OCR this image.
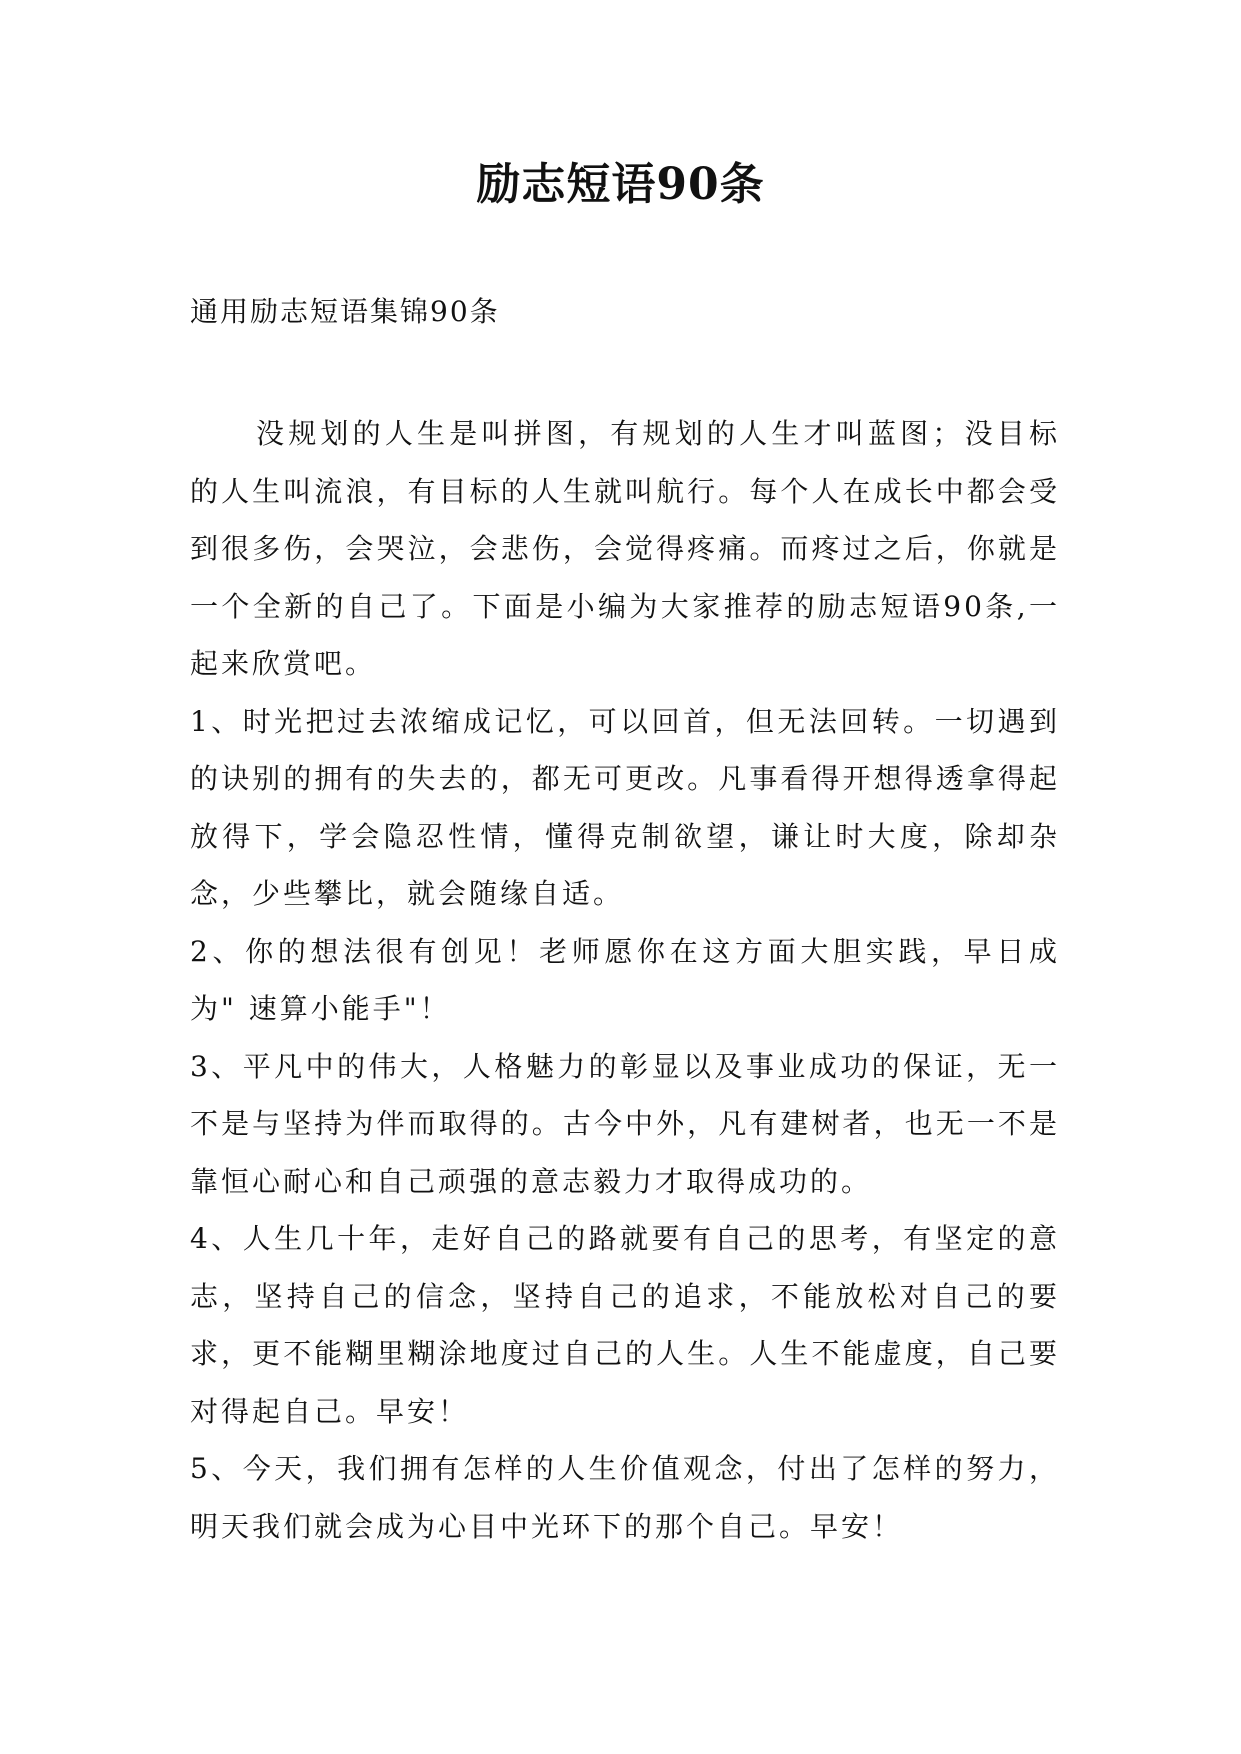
励志短语90条
通用励志短语集锦90条

没规划的人生是叫拼图，有规划的人生才叫蓝图；没目标的人生叫流浪，有目标的人生就叫航行。每个人在成长中都会受到很多伤，会哭泣，会悲伤，会觉得疼痛。而疼过之后，你就是一个全新的自己了。下面是小编为大家推荐的励志短语90条,一起来欣赏吧。

1、时光把过去浓缩成记忆，可以回首，但无法回转。一切遇到的诀别的拥有的失去的，都无可更改。凡事看得开想得透拿得起放得下，学会隐忍性情，懂得克制欲望，谦让时大度，除却杂念，少些攀比，就会随缘自适。

2、你的想法很有创见！老师愿你在这方面大胆实践，早日成为" 速算小能手"！

3、平凡中的伟大，人格魅力的彰显以及事业成功的保证，无一不是与坚持为伴而取得的。古今中外，凡有建树者，也无一不是靠恒心耐心和自己顽强的意志毅力才取得成功的。

4、人生几十年，走好自己的路就要有自己的思考，有坚定的意志，坚持自己的信念，坚持自己的追求，不能放松对自己的要求，更不能糊里糊涂地度过自己的人生。人生不能虚度，自己要对得起自己。早安！

5、今天，我们拥有怎样的人生价值观念，付出了怎样的努力，明天我们就会成为心目中光环下的那个自己。早安！
